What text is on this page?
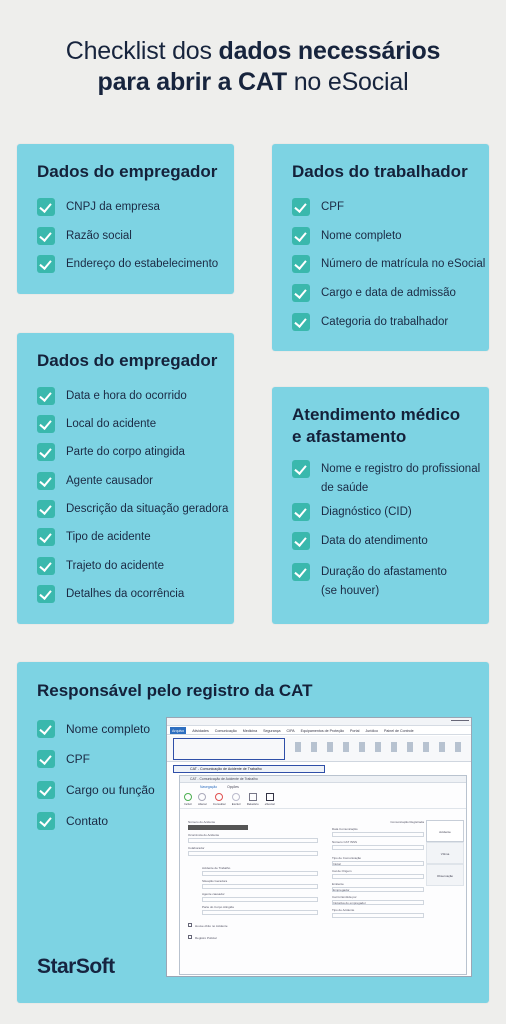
Checklist dos dados necessários
para abrir a CAT no eSocial
Dados do empregador
CNPJ da empresa
Razão social
Endereço do estabelecimento
Dados do trabalhador
CPF
Nome completo
Número de matrícula no eSocial
Cargo e data de admissão
Categoria do trabalhador
Dados do empregador
Data e hora do ocorrido
Local do acidente
Parte do corpo atingida
Agente causador
Descrição da situação geradora
Tipo de acidente
Trajeto do acidente
Detalhes da ocorrência
Atendimento médico
e afastamento
Nome e registro do profissional
de saúde
Diagnóstico (CID)
Data do atendimento
Duração do afastamento
(se houver)
Responsável pelo registro da CAT
Nome completo
CPF
Cargo ou função
Contato
Arquivo	Atividades Comunicação Medicina Segurança CIPA Equipamentos de Proteção Portal Jurídico Painel de Controle
CAT - Comunicação de Acidente de Trabalho
CAT - Comunicação de Acidente de Trabalho
Navegação	Opções
Incluir Alterar Consultar Excluir Relatório eSocial
Número do Acidente
Ocorrência do Acidente
Colaborador
Acidente de Trabalho
Situação Geradora
Agente causador
Parte do Corpo Atingida
Houve óbito no Acidente
Registro Policial
Comunicação Registrada
Data Comunicação
Número CAT INSS
Tipo de Comunicação
Inicial
Cat de Origem
Emitente
Empregador
Cat foi Emitida por
Iniciativa do empregador
Tipo de Acidente
Acidente
Vítima
Observação
StarSoft
